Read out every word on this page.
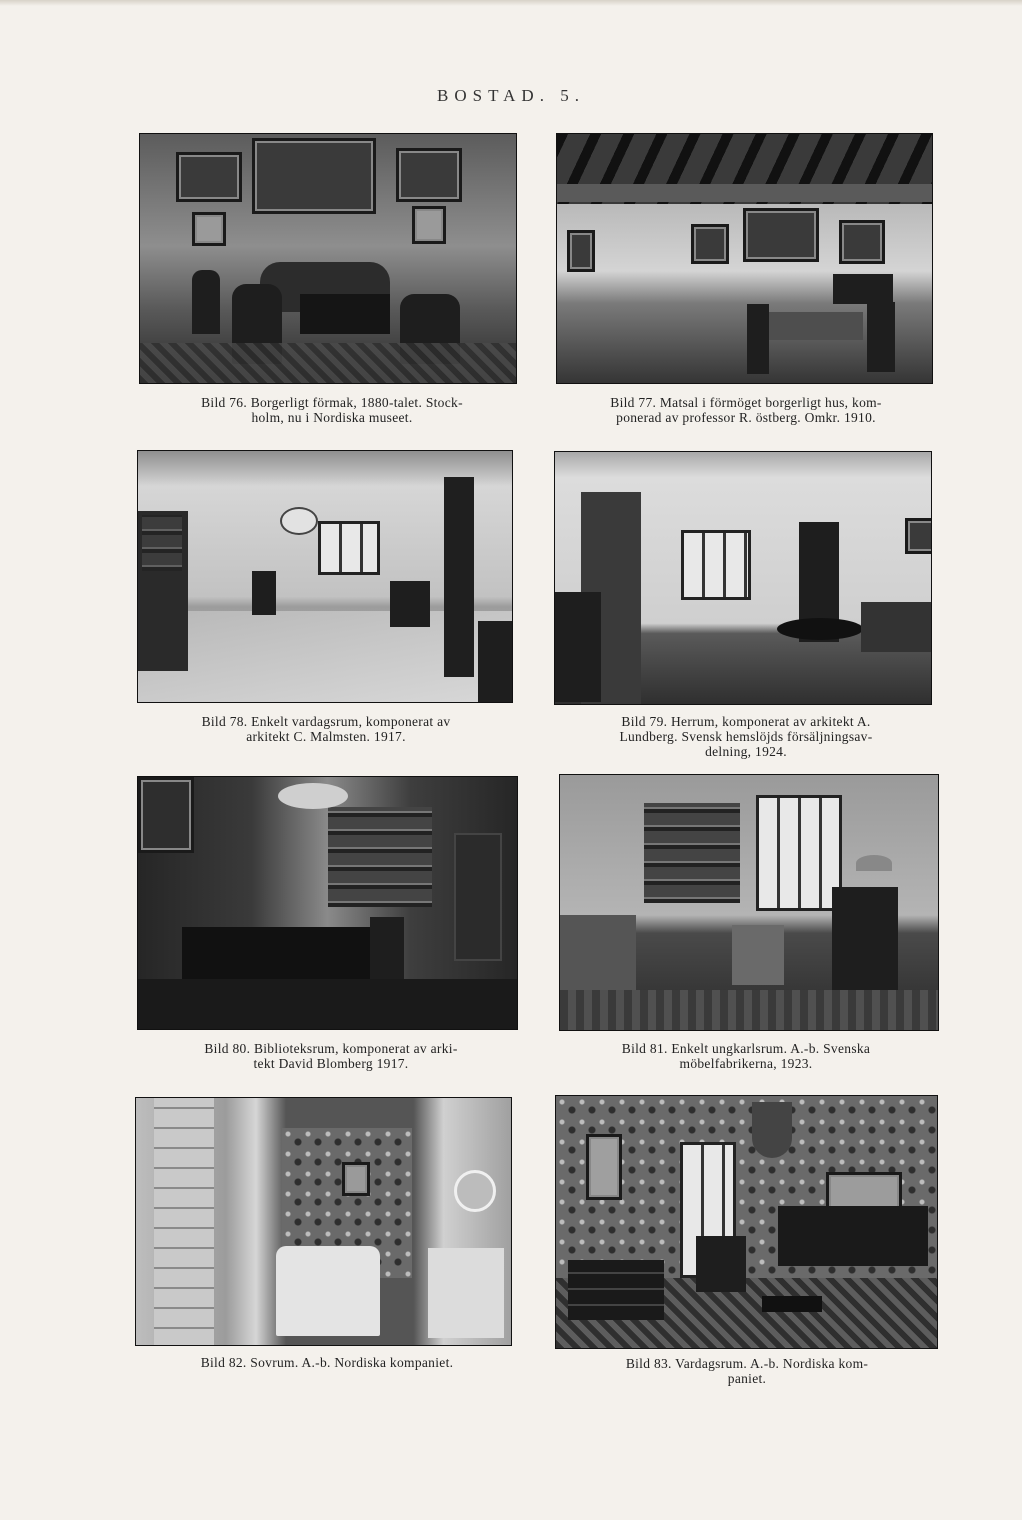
BOSTAD. 5.
Bild 76. Borgerligt förmak, 1880-talet. Stock-
holm, nu i Nordiska museet.
Bild 77. Matsal i förmöget borgerligt hus, kom-
ponerad av professor R. östberg. Omkr. 1910.
Bild 78. Enkelt vardagsrum, komponerat av
arkitekt C. Malmsten. 1917.
Bild 79. Herrum, komponerat av arkitekt A.
Lundberg. Svensk hemslöjds försäljningsav-
delning, 1924.
Bild 80. Biblioteksrum, komponerat av arki-
tekt David Blomberg 1917.
Bild 81. Enkelt ungkarlsrum. A.-b. Svenska
möbelfabrikerna, 1923.
Bild 82. Sovrum. A.-b. Nordiska kompaniet.	Bild 83. Vardagsrum. A.-b. Nordiska kom-
paniet.
